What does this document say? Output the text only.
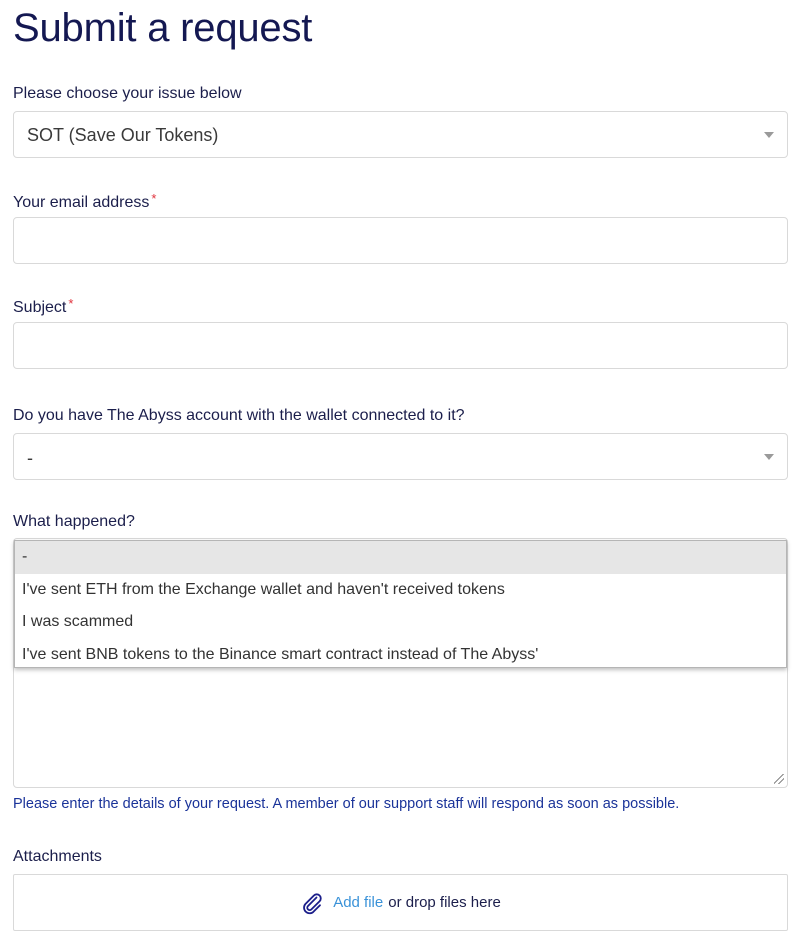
Submit a request
Please choose your issue below
SOT (Save Our Tokens)
Your email address *
Subject *
Do you have The Abyss account with the wallet connected to it?
-
What happened?
-
I've sent ETH from the Exchange wallet and haven't received tokens
I was scammed
I've sent BNB tokens to the Binance smart contract instead of The Abyss'
Please enter the details of your request. A member of our support staff will respond as soon as possible.
Attachments
Add file or drop files here
